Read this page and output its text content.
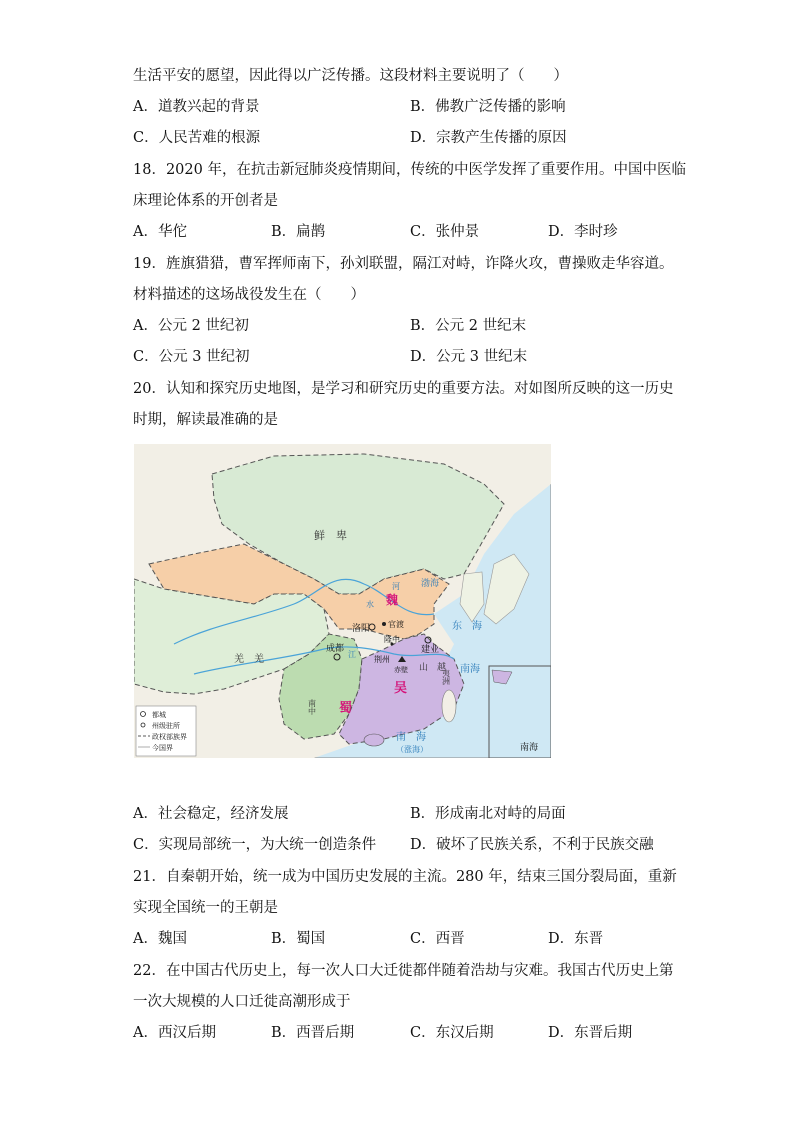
生活平安的愿望，因此得以广泛传播。这段材料主要说明了（　　）
A．道教兴起的背景	B．佛教广泛传播的影响
C．人民苦难的根源	D．宗教产生传播的原因
18．2020 年，在抗击新冠肺炎疫情期间，传统的中医学发挥了重要作用。中国中医临
床理论体系的开创者是
A．华佗	B．扁鹊	C．张仲景	D．李时珍
19．旌旗猎猎，曹军挥师南下，孙刘联盟，隔江对峙，诈降火攻，曹操败走华容道。
材料描述的这场战役发生在（　　）
A．公元 2 世纪初	B．公元 2 世纪末
C．公元 3 世纪初	D．公元 3 世纪末
20．认知和探究历史地图，是学习和研究历史的重要方法。对如图所反映的这一历史
时期，解读最准确的是
南海
鲜　卑
魏
蜀
吴
羌　羌
南中
山　越
夷洲
洛阳 官渡
成都	建业
隆中
荆州
赤壁
河
水
江
渤海
东　海
南海
南　海
（涨海）
都城
州级驻所
政权部族界
今国界
A．社会稳定，经济发展	B．形成南北对峙的局面
C．实现局部统一，为大统一创造条件 D．破坏了民族关系，不利于民族交融
21．自秦朝开始，统一成为中国历史发展的主流。280 年，结束三国分裂局面，重新
实现全国统一的王朝是
A．魏国	B．蜀国	C．西晋	D．东晋
22．在中国古代历史上，每一次人口大迁徙都伴随着浩劫与灾难。我国古代历史上第
一次大规模的人口迁徙高潮形成于
A．西汉后期	B．西晋后期	C．东汉后期	D．东晋后期
